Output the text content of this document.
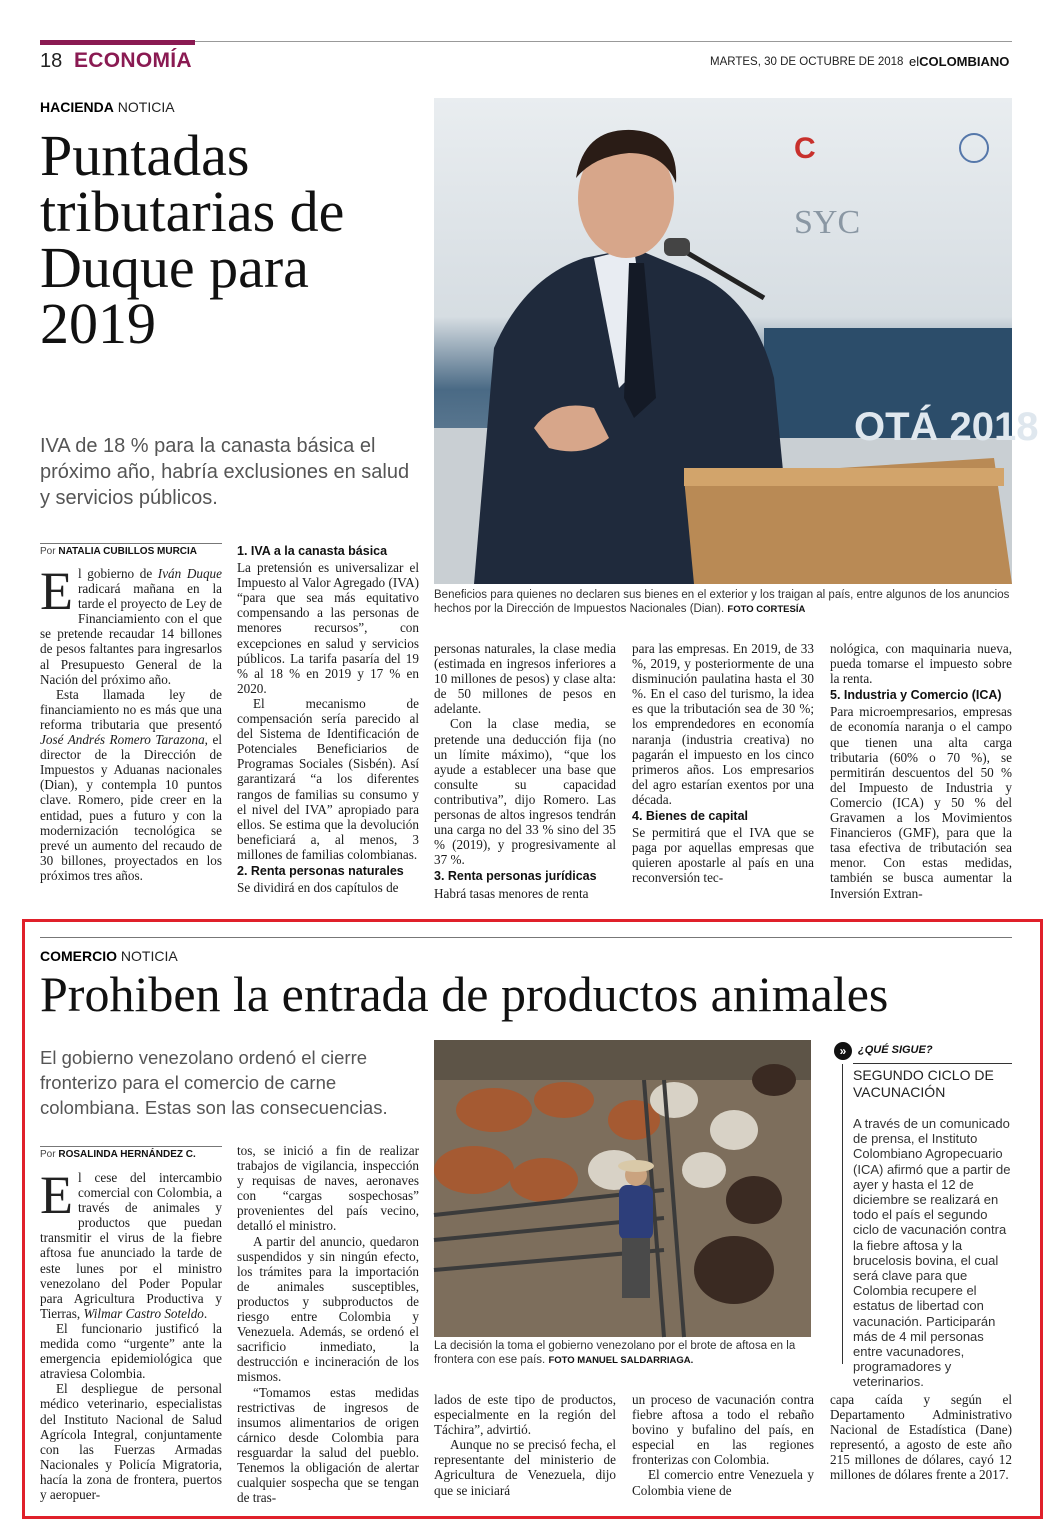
18 ECONOMÍA	MARTES, 30 DE OCTUBRE DE 2018 elCOLOMBIANO
HACIENDA NOTICIA
Puntadas tributarias de Duque para 2019
IVA de 18 % para la canasta básica el próximo año, habría exclusiones en salud y servicios públicos.
OTÁ 2018
C
SYC
Beneficios para quienes no declaren sus bienes en el exterior y los traigan al país, entre algunos de los anuncios hechos por la Dirección de Impuestos Nacionales (Dian). FOTO CORTESÍA
Por NATALIA CUBILLOS MURCIA

El gobierno de Iván Duque radicará mañana en la tarde el proyecto de Ley de Financiamiento con el que se pretende recaudar 14 billones de pesos faltantes para ingresarlos al Presupuesto General de la Nación del próximo año.

Esta llamada ley de financiamiento no es más que una reforma tributaria que presentó José Andrés Romero Tarazona, el director de la Dirección de Impuestos y Aduanas nacionales (Dian), y contempla 10 puntos clave. Romero, pide creer en la entidad, pues a futuro y con la modernización tecnológica se prevé un aumento del recaudo de 30 billones, proyectados en los próximos tres años.

1. IVA a la canasta básica

La pretensión es universalizar el Impuesto al Valor Agregado (IVA) “para que sea más equitativo compensando a las personas de menores recursos”, con excepciones en salud y servicios públicos. La tarifa pasaría del 19 % al 18 % en 2019 y 17 % en 2020.

El mecanismo de compensación sería parecido al del Sistema de Identificación de Potenciales Beneficiarios de Programas Sociales (Sisbén). Así garantizará “a los diferentes rangos de familias su consumo y el nivel del IVA” apropiado para ellos. Se estima que la devolución beneficiará a, al menos, 3 millones de familias colombianas.

2. Renta personas naturales

Se dividirá en dos capítulos de

personas naturales, la clase media (estimada en ingresos inferiores a 10 millones de pesos) y clase alta: de 50 millones de pesos en adelante.

Con la clase media, se pretende una deducción fija (no un límite máximo), “que los ayude a establecer una base que consulte su capacidad contributiva”, dijo Romero. Las personas de altos ingresos tendrán una carga no del 33 % sino del 35 % (2019), y progresivamente al 37 %.

3. Renta personas jurídicas

Habrá tasas menores de renta

para las empresas. En 2019, de 33 %, 2019, y posteriormente de una disminución paulatina hasta el 30 %. En el caso del turismo, la idea es que la tributación sea de 30 %; los emprendedores en economía naranja (industria creativa) no pagarán el impuesto en los cinco primeros años. Los empresarios del agro estarían exentos por una década.

4. Bienes de capital

Se permitirá que el IVA que se paga por aquellas empresas que quieren apostarle al país en una reconversión tec-

nológica, con maquinaria nueva, pueda tomarse el impuesto sobre la renta.

5. Industria y Comercio (ICA)

Para microempresarios, empresas de economía naranja o el campo que tienen una alta carga tributaria (60% o 70 %), se permitirán descuentos del 50 % del Impuesto de Industria y Comercio (ICA) y 50 % del Gravamen a los Movimientos Financieros (GMF), para que la tasa efectiva de tributación sea menor. Con estas medidas, también se busca aumentar la Inversión Extran-

COMERCIO NOTICIA
Prohiben la entrada de productos animales
El gobierno venezolano ordenó el cierre fronterizo para el comercio de carne colombiana. Estas son las consecuencias.
La decisión la toma el gobierno venezolano por el brote de aftosa en la frontera con ese país. FOTO MANUEL SALDARRIAGA.
Por ROSALINDA HERNÁNDEZ C.

El cese del intercambio comercial con Colombia, a través de animales y productos que puedan transmitir el virus de la fiebre aftosa fue anunciado la tarde de este lunes por el ministro venezolano del Poder Popular para Agricultura Productiva y Tierras, Wilmar Castro Soteldo.

El funcionario justificó la medida como “urgente” ante la emergencia epidemiológica que atraviesa Colombia.

El despliegue de personal médico veterinario, especialistas del Instituto Nacional de Salud Agrícola Integral, conjuntamente con las Fuerzas Armadas Nacionales y Policía Migratoria, hacía la zona de frontera, puertos y aeropuer-

tos, se inició a fin de realizar trabajos de vigilancia, inspección y requisas de naves, aeronaves con “cargas sospechosas” provenientes del país vecino, detalló el ministro.

A partir del anuncio, quedaron suspendidos y sin ningún efecto, los trámites para la importación de animales susceptibles, productos y subproductos de riesgo entre Colombia y Venezuela. Además, se ordenó el sacrificio inmediato, la destrucción e incineración de los mismos.

“Tomamos estas medidas restrictivas de ingresos de insumos alimentarios de origen cárnico desde Colombia para resguardar la salud del pueblo. Tenemos la obligación de alertar cualquier sospecha que se tengan de tras-

lados de este tipo de productos, especialmente en la región del Táchira”, advirtió.

Aunque no se precisó fecha, el representante del ministerio de Agricultura de Venezuela, dijo que se iniciará

un proceso de vacunación contra fiebre aftosa a todo el rebaño bovino y bufalino del país, en especial en las regiones fronterizas con Colombia.

El comercio entre Venezuela y Colombia viene de

capa caída y según el Departamento Administrativo Nacional de Estadística (Dane) representó, a agosto de este año 215 millones de dólares, cayó 12 millones de dólares frente a 2017.

»	¿QUÉ SIGUE?
SEGUNDO CICLO DE VACUNACIÓN
A través de un comunicado de prensa, el Instituto Colombiano Agropecuario (ICA) afirmó que a partir de ayer y hasta el 12 de diciembre se realizará en todo el país el segundo ciclo de vacunación contra la fiebre aftosa y la brucelosis bovina, el cual será clave para que Colombia recupere el estatus de libertad con vacunación. Participarán más de 4 mil personas entre vacunadores, programadores y veterinarios.
